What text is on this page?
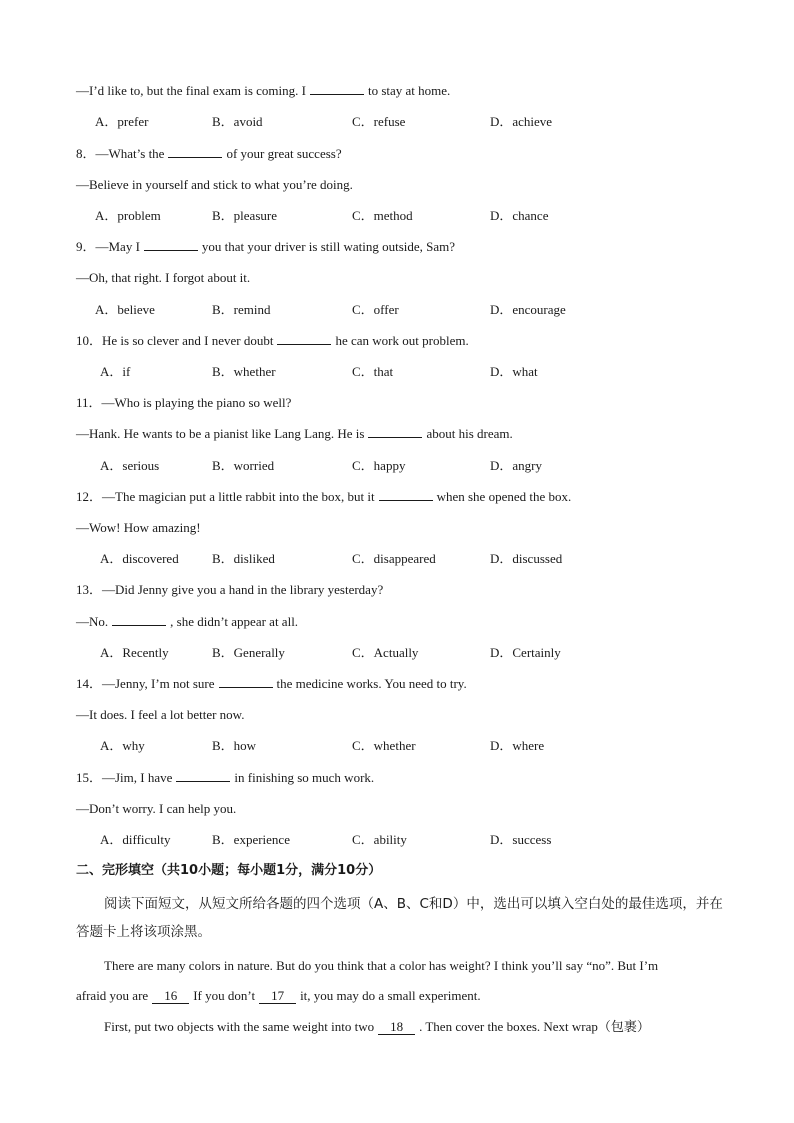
—I’d like to, but the final exam is coming. I	to stay at home.
A．prefer	B．avoid	C．refuse	D．achieve
8．—What’s the	of your great success?
—Believe in yourself and stick to what you’re doing.
A．problem	B．pleasure	C．method	D．chance
9．—May I	you that your driver is still wating outside, Sam?
—Oh, that right. I forgot about it.
A．believe	B．remind	C．offer	D．encourage
10．He is so clever and I never doubt	he can work out problem.
A．if	B．whether	C．that	D．what
11．—Who is playing the piano so well?
—Hank. He wants to be a pianist like Lang Lang. He is	about his dream.
A．serious	B．worried	C．happy	D．angry
12．—The magician put a little rabbit into the box, but it	when she opened the box.
—Wow! How amazing!
A．discovered	B．disliked	C．disappeared	D．discussed
13．—Did Jenny give you a hand in the library yesterday?
—No.	, she didn’t appear at all.
A．Recently	B．Generally	C．Actually	D．Certainly
14．—Jenny, I’m not sure	the medicine works. You need to try.
—It does. I feel a lot better now.
A．why	B．how	C．whether	D．where
15．—Jim, I have	in finishing so much work.
—Don’t worry. I can help you.
A．difficulty	B．experience	C．ability	D．success
二、完形填空（共10小题；每小题1分，满分10分）
阅读下面短文，从短文所给各题的四个选项（A、B、C和D）中，选出可以填入空白处的最佳选项，并在答题卡上将该项涂黑。
There are many colors in nature. But do you think that a color has weight? I think you’ll say “no”. But I’m
afraid you are 16 If you don’t 17 it, you may do a small experiment.
First, put two objects with the same weight into two 18 . Then cover the boxes. Next wrap（包裹）
